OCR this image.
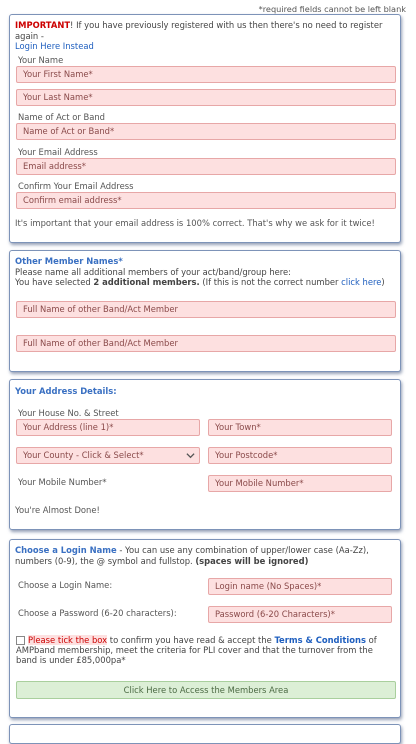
*required fields cannot be left blank
IMPORTANT! If you have previously registered with us then there's no need to register again -
Login Here Instead
Your Name
Your First Name*
Your Last Name*
Name of Act or Band
Name of Act or Band*
Your Email Address
Email address*
Confirm Your Email Address
Confirm email address*
It's important that your email address is 100% correct. That's why we ask for it twice!
Other Member Names*
Please name all additional members of your act/band/group here:
You have selected 2 additional members. (If this is not the correct number click here)
Full Name of other Band/Act Member
Full Name of other Band/Act Member
Your Address Details:
Your House No. & Street
Your Address (line 1)*	Your Town*
Your County - Click & Select*	Your Postcode*
Your Mobile Number*	Your Mobile Number*
You're Almost Done!
Choose a Login Name - You can use any combination of upper/lower case (Aa-Zz), numbers (0-9), the @ symbol and fullstop. (spaces will be ignored)
Choose a Login Name:	Login name (No Spaces)*
Choose a Password (6-20 characters):	Password (6-20 Characters)*
Please tick the box to confirm you have read & accept the Terms & Conditions of AMPband membership, meet the criteria for PLI cover and that the turnover from the band is under £85,000pa*
Click Here to Access the Members Area
